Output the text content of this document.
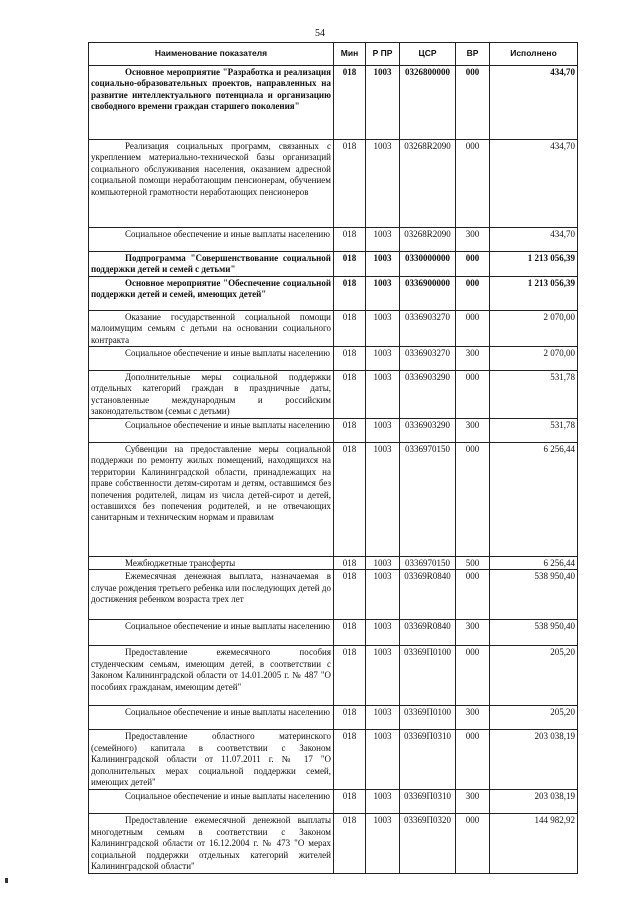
54
Наименование показателя	Мин	Р ПР	ЦСР	ВР	Исполнено
Основное мероприятие "Разработка и реализация социально-образовательных проектов, направленных на развитие интеллектуального потенциала и организацию свободного времени граждан старшего поколения"	018	1003	0326800000	000	434,70
Реализация социальных программ, связанных с укреплением материально-технической базы организаций социального обслуживания населения, оказанием адресной социальной помощи неработающим пенсионерам, обучением компьютерной грамотности неработающих пенсионеров	018	1003	03268R2090	000	434,70
Социальное обеспечение и иные выплаты населению	018	1003	03268R2090	300	434,70
Подпрограмма "Совершенствование социальной поддержки детей и семей с детьми"	018	1003	0330000000	000	1 213 056,39
Основное мероприятие "Обеспечение социальной поддержки детей и семей, имеющих детей"	018	1003	0336900000	000	1 213 056,39
Оказание государственной социальной помощи малоимущим семьям с детьми на основании социального контракта	018	1003	0336903270	000	2 070,00
Социальное обеспечение и иные выплаты населению	018	1003	0336903270	300	2 070,00
Дополнительные меры социальной поддержки отдельных категорий граждан в праздничные даты, установленные международным и российским законодательством (семьи с детьми)	018	1003	0336903290	000	531,78
Социальное обеспечение и иные выплаты населению	018	1003	0336903290	300	531,78
Субвенции на предоставление меры социальной поддержки по ремонту жилых помещений, находящихся на территории Калининградской области, принадлежащих на праве собственности детям-сиротам и детям, оставшимся без попечения родителей, лицам из числа детей-сирот и детей, оставшихся без попечения родителей, и не отвечающих санитарным и техническим нормам и правилам	018	1003	0336970150	000	6 256,44
Межбюджетные трансферты	018	1003	0336970150	500	6 256,44
Ежемесячная денежная выплата, назначаемая в случае рождения третьего ребенка или последующих детей до достижения ребенком возраста трех лет	018	1003	03369R0840	000	538 950,40
Социальное обеспечение и иные выплаты населению	018	1003	03369R0840	300	538 950,40
Предоставление ежемесячного пособия студенческим семьям, имеющим детей, в соответствии с Законом Калининградской области от 14.01.2005 г. № 487 "О пособиях гражданам, имеющим детей"	018	1003	03369П0100	000	205,20
Социальное обеспечение и иные выплаты населению	018	1003	03369П0100	300	205,20
Предоставление областного материнского (семейного) капитала в соответствии с Законом Калининградской области от 11.07.2011 г. № 17 "О дополнительных мерах социальной поддержки семей, имеющих детей"	018	1003	03369П0310	000	203 038,19
Социальное обеспечение и иные выплаты населению	018	1003	03369П0310	300	203 038,19
Предоставление ежемесячной денежной выплаты многодетным семьям в соответствии с Законом Калининградской области от 16.12.2004 г. № 473 "О мерах социальной поддержки отдельных категорий жителей Калининградской области"	018	1003	03369П0320	000	144 982,92
